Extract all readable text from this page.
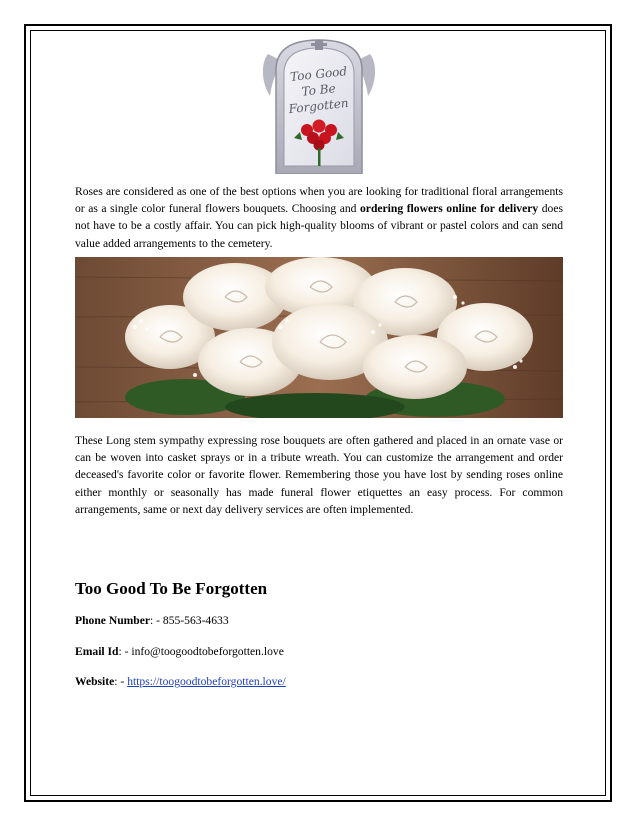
Too Good
To Be
Forgotten

Roses are considered as one of the best options when you are looking for traditional floral arrangements or as a single color funeral flowers bouquets. Choosing and ordering flowers online for delivery does not have to be a costly affair. You can pick high-quality blooms of vibrant or pastel colors and can send value added arrangements to the cemetery.

These Long stem sympathy expressing rose bouquets are often gathered and placed in an ornate vase or can be woven into casket sprays or in a tribute wreath. You can customize the arrangement and order deceased's favorite color or favorite flower. Remembering those you have lost by sending roses online either monthly or seasonally has made funeral flower etiquettes an easy process. For common arrangements, same or next day delivery services are often implemented.

Too Good To Be Forgotten

Phone Number: - 855-563-4633

Email Id: - info@toogoodtobeforgotten.love

Website: - https://toogoodtobeforgotten.love/
